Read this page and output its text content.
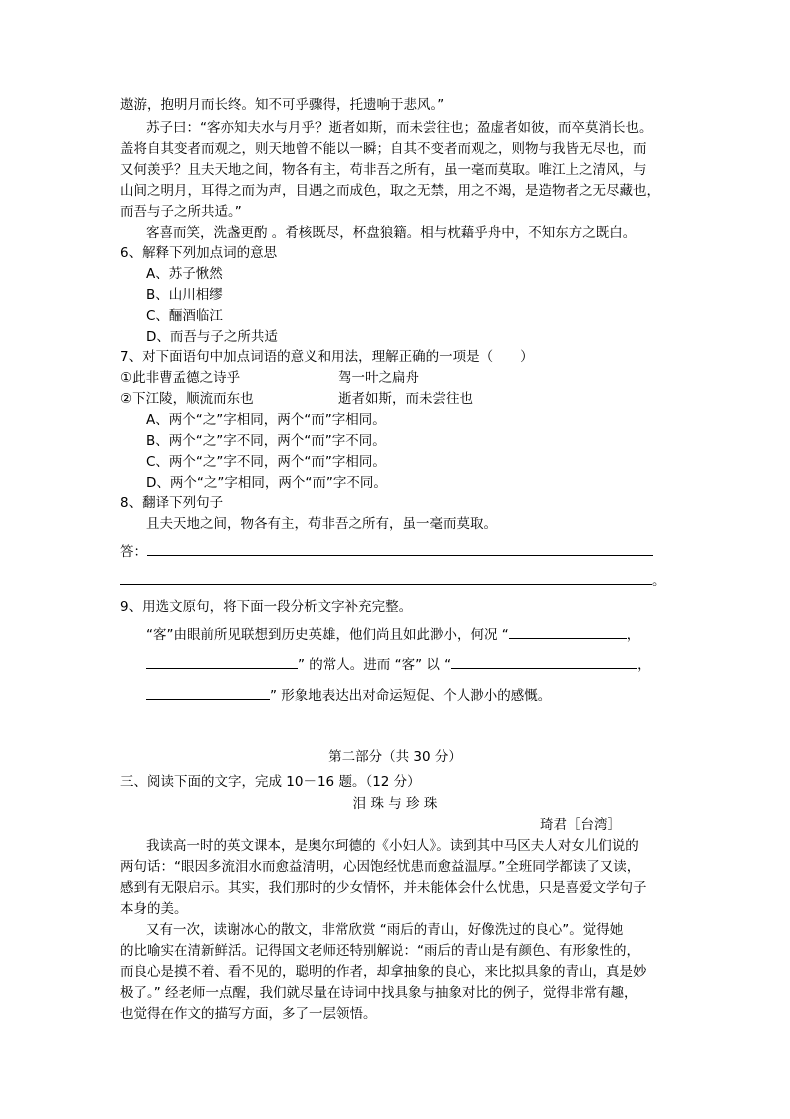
遨游，抱明月而长终。知不可乎骤得，托遗响于悲风。”
苏子曰：“客亦知夫水与月乎？逝者如斯，而未尝往也；盈虚者如彼，而卒莫消长也。
盖将自其变者而观之，则天地曾不能以一瞬；自其不变者而观之，则物与我皆无尽也，而
又何羡乎？且夫天地之间，物各有主，苟非吾之所有，虽一毫而莫取。唯江上之清风，与
山间之明月，耳得之而为声，目遇之而成色，取之无禁，用之不竭，是造物者之无尽藏也，
而吾与子之所共适。”
客喜而笑，洗盏更酌 。肴核既尽，杯盘狼籍。相与枕藉乎舟中，不知东方之既白。
6、解释下列加点词的意思
A、苏子愀然
B、山川相缪
C、酾酒临江
D、而吾与子之所共适
7、对下面语句中加点词语的意义和用法，理解正确的一项是（　　）
①此非曹孟德之诗乎	驾一叶之扁舟
②下江陵，顺流而东也	逝者如斯，而未尝往也
A、两个“之”字相同，两个“而”字相同。
B、两个“之”字不同，两个“而”字不同。
C、两个“之”字不同，两个“而”字相同。
D、两个“之”字相同，两个“而”字不同。
8、翻译下列句子
且夫天地之间，物各有主，苟非吾之所有，虽一毫而莫取。
答：
。
9、用选文原句，将下面一段分析文字补充完整。
“客”由眼前所见联想到历史英雄，他们尚且如此渺小，何况 “	，
” 的常人。进而 “客” 以 “	，
” 形象地表达出对命运短促、个人渺小的感慨。
第二部分（共 30 分）
三、阅读下面的文字，完成 10－16 题。（12 分）
泪 珠 与 珍 珠
琦君［台湾］
我读高一时的英文课本，是奥尔珂德的《小妇人》。读到其中马区夫人对女儿们说的
两句话：“眼因多流泪水而愈益清明，心因饱经忧患而愈益温厚。”全班同学都读了又读，
感到有无限启示。其实，我们那时的少女情怀，并未能体会什么忧患，只是喜爱文学句子
本身的美。
又有一次，读谢冰心的散文，非常欣赏 “雨后的青山，好像洗过的良心”。觉得她
的比喻实在清新鲜活。记得国文老师还特别解说：“雨后的青山是有颜色、有形象性的，
而良心是摸不着、看不见的，聪明的作者，却拿抽象的良心，来比拟具象的青山，真是妙
极了。” 经老师一点醒，我们就尽量在诗词中找具象与抽象对比的例子，觉得非常有趣，
也觉得在作文的描写方面，多了一层领悟。
